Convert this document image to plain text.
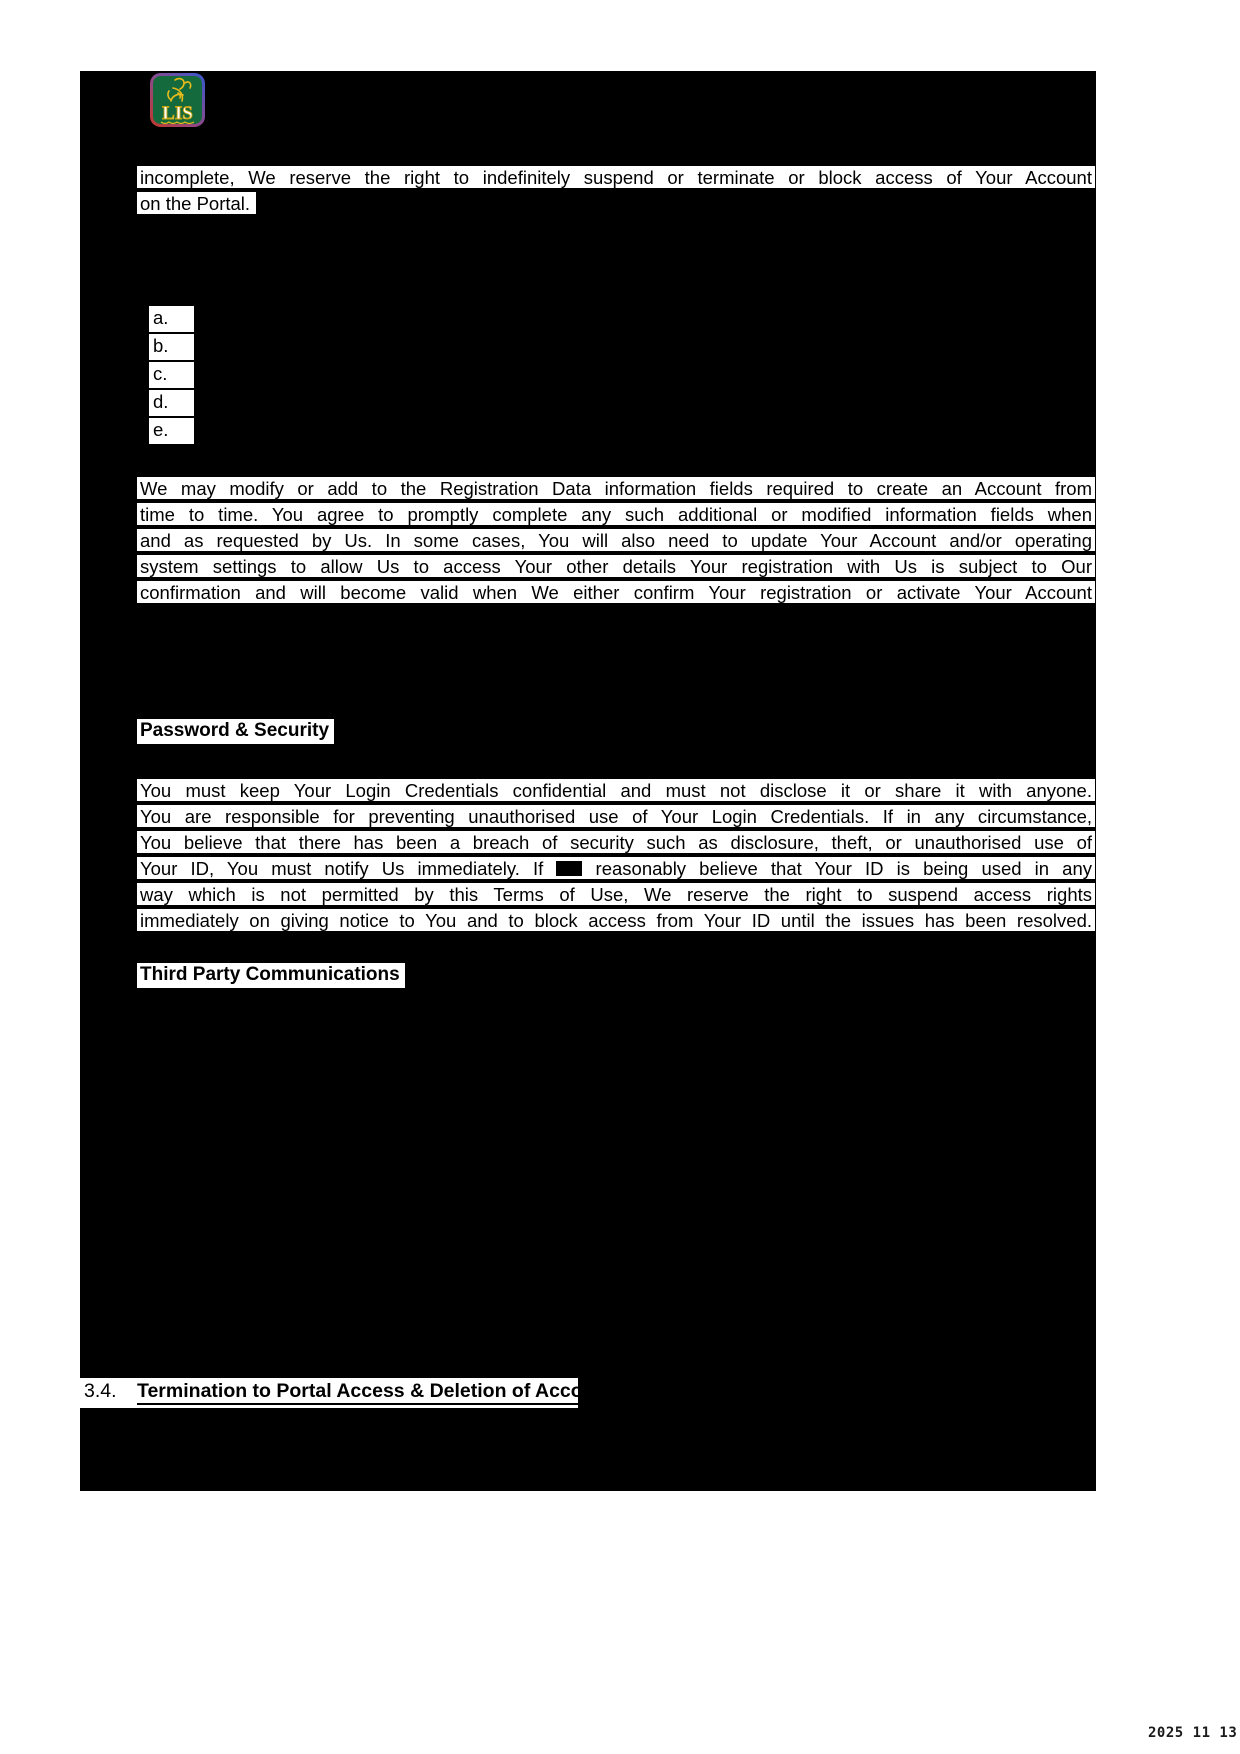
LIS
incomplete, We reserve the right to indefinitely suspend or terminate or block access of Your Account
on the Portal.
a.
b.
c.
d.
e.
We may modify or add to the Registration Data information fields required to create an Account from
time to time. You agree to promptly complete any such additional or modified information fields when
and as requested by Us. In some cases, You will also need to update Your Account and/or operating
system settings to allow Us to access Your other details Your registration with Us is subject to Our
confirmation and will become valid when We either confirm Your registration or activate Your Account
Password & Security
You must keep Your Login Credentials confidential and must not disclose it or share it with anyone.
You are responsible for preventing unauthorised use of Your Login Credentials. If in any circumstance,
You believe that there has been a breach of security such as disclosure, theft, or unauthorised use of
Your ID, You must notify Us immediately. If	reasonably believe that Your ID is being used in any
way which is not permitted by this Terms of Use, We reserve the right to suspend access rights
immediately on giving notice to You and to block access from Your ID until the issues has been resolved.
Third Party Communications
3.4. Termination to Portal Access & Deletion of Account
2025 11 13
